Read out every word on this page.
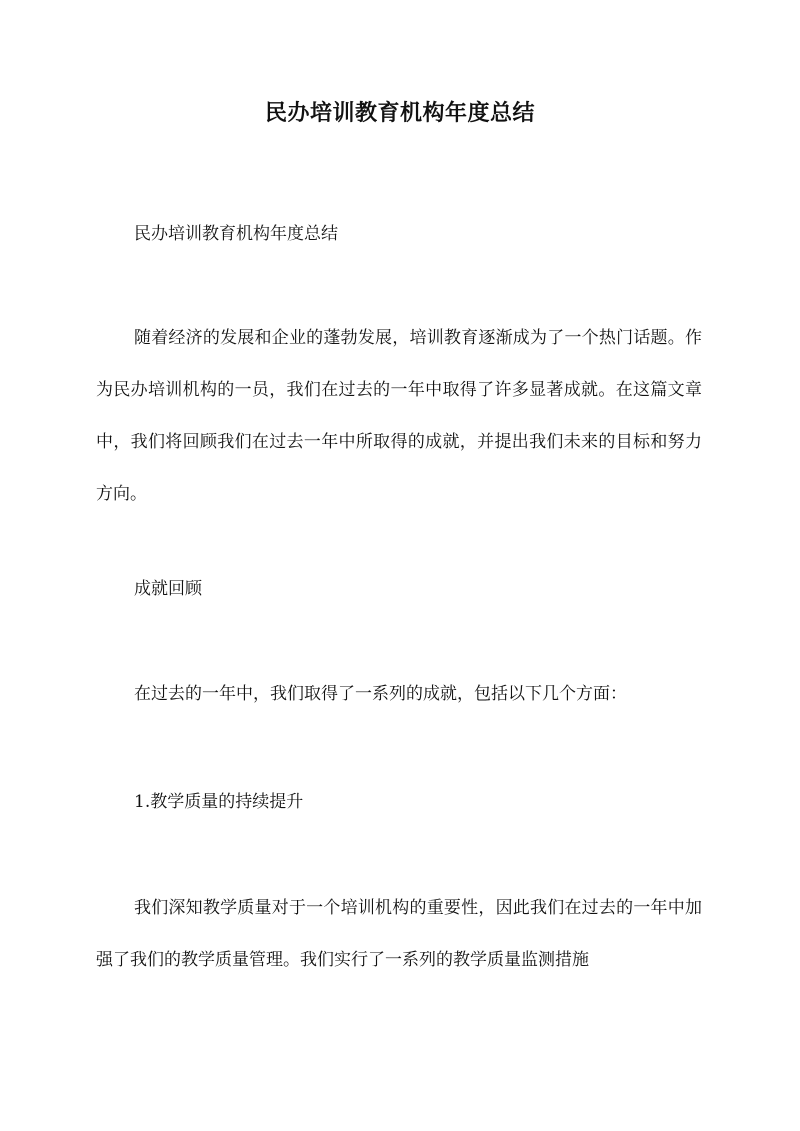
民办培训教育机构年度总结

民办培训教育机构年度总结

随着经济的发展和企业的蓬勃发展，培训教育逐渐成为了一个热门话题。作为民办培训机构的一员，我们在过去的一年中取得了许多显著成就。在这篇文章中，我们将回顾我们在过去一年中所取得的成就，并提出我们未来的目标和努力方向。

成就回顾

在过去的一年中，我们取得了一系列的成就，包括以下几个方面：

1.教学质量的持续提升

我们深知教学质量对于一个培训机构的重要性，因此我们在过去的一年中加强了我们的教学质量管理。我们实行了一系列的教学质量监测措施
